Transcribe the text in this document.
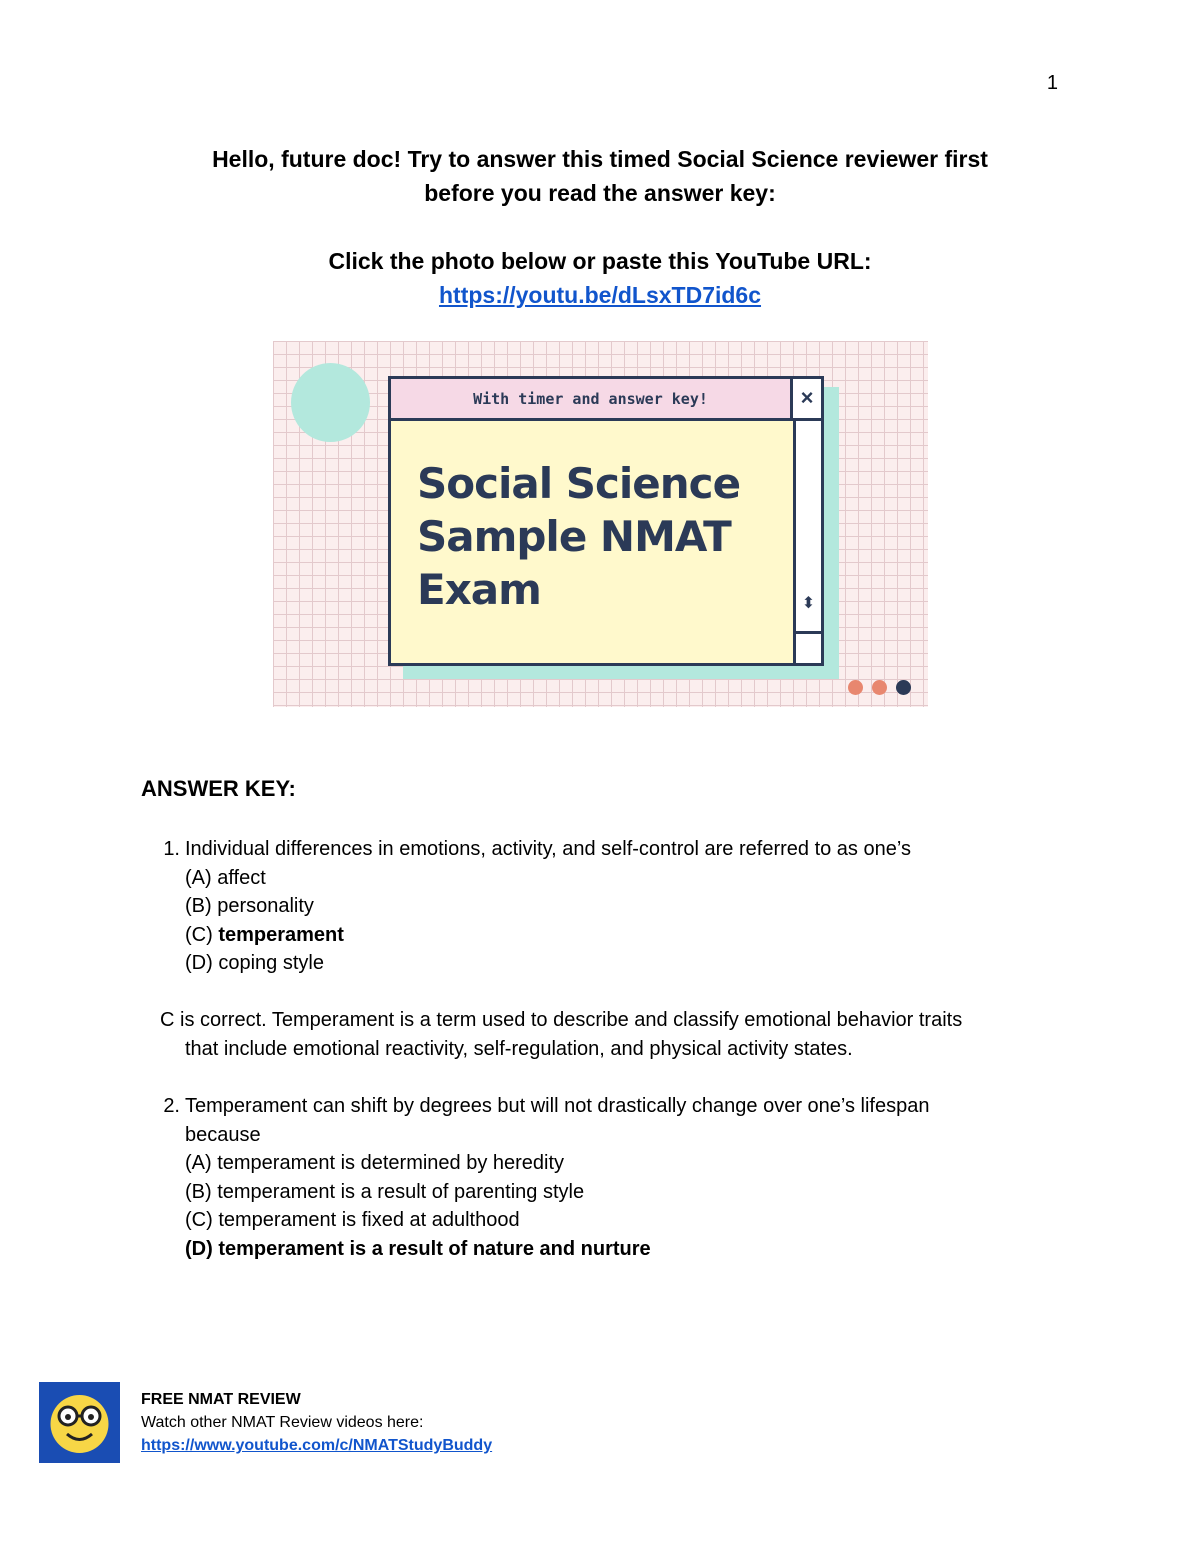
1
Hello, future doc! Try to answer this timed Social Science reviewer first
before you read the answer key:
Click the photo below or paste this YouTube URL:
https://youtu.be/dLsxTD7id6c
With timer and answer key!	×
⬍
Social Science
Sample NMAT
Exam
ANSWER KEY:
1. Individual differences in emotions, activity, and self-control are referred to as one’s
(A) affect
(B) personality
(C) temperament
(D) coping style
C is correct. Temperament is a term used to describe and classify emotional behavior traits
that include emotional reactivity, self-regulation, and physical activity states.
2. Temperament can shift by degrees but will not drastically change over one’s lifespan
because
(A) temperament is determined by heredity
(B) temperament is a result of parenting style
(C) temperament is fixed at adulthood
(D) temperament is a result of nature and nurture
FREE NMAT REVIEW
Watch other NMAT Review videos here:
https://www.youtube.com/c/NMATStudyBuddy
